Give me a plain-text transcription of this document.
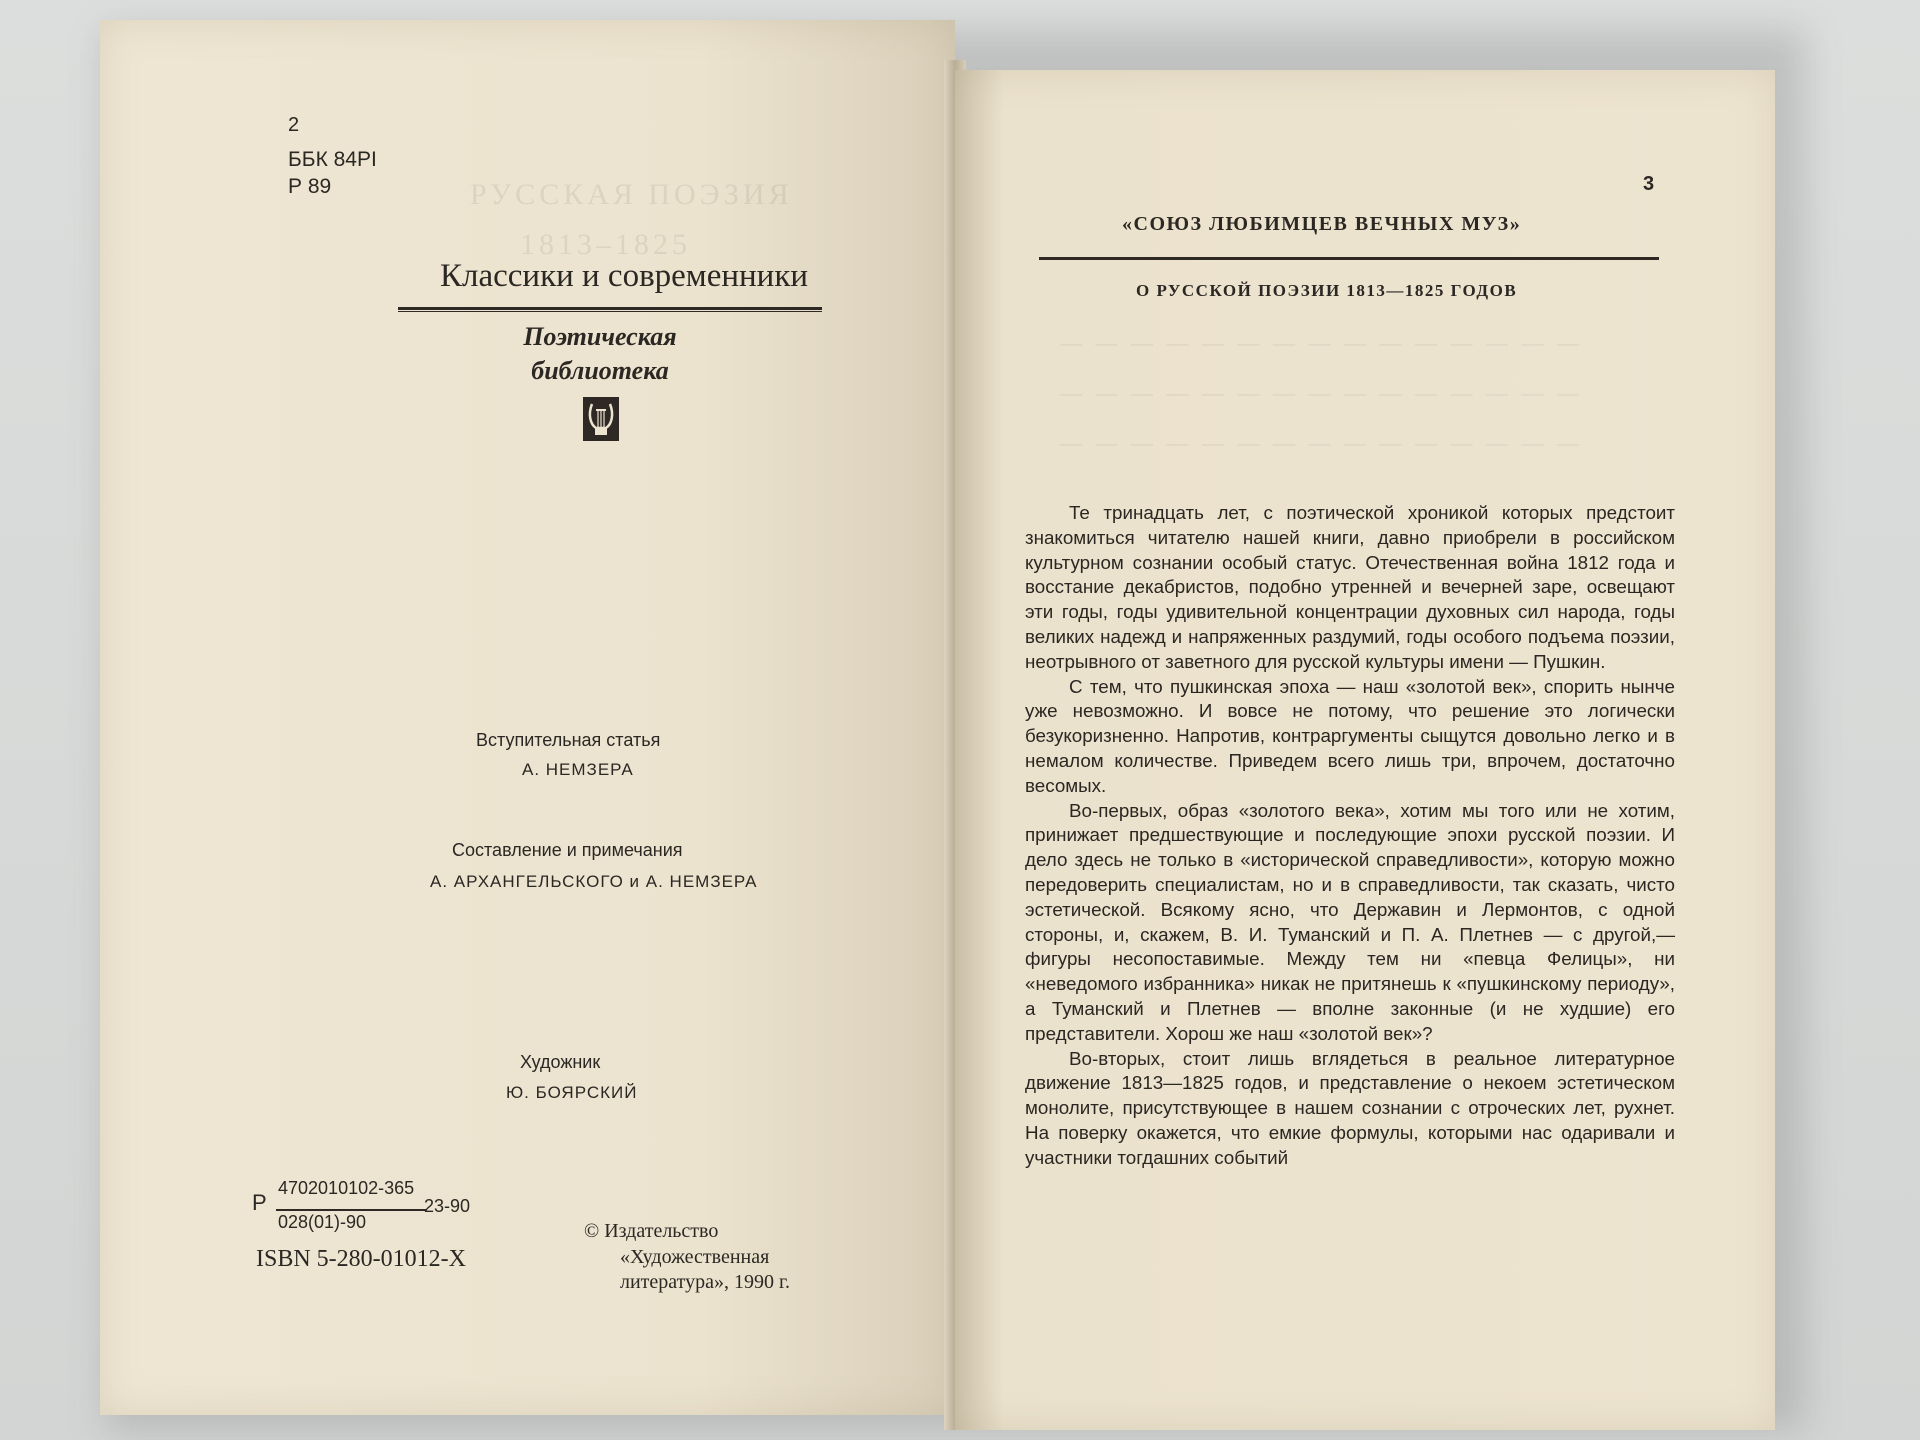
РУССКАЯ ПОЭЗИЯ
1813–1825
2
ББК 84РI
Р 89
Классики и современники
Поэтическая
библиотека
Вступительная статья
А. НЕМЗЕРА
Составление и примечания
А. АРХАНГЕЛЬСКОГО и А. НЕМЗЕРА
Художник
Ю. БОЯРСКИЙ
Р
4702010102-365
028(01)-90
23-90
ISBN 5-280-01012-X
© Издательство
«Художественная
литература», 1990 г.
— — — — — — — — — — — — — — —
— — — — — — — — — — — — — — —
— — — — — — — — — — — — — — —
3
«СОЮЗ ЛЮБИМЦЕВ ВЕЧНЫХ МУЗ»
О РУССКОЙ ПОЭЗИИ 1813—1825 ГОДОВ

Те тринадцать лет, с поэтической хроникой которых предстоит знакомиться читателю нашей книги, давно приобрели в российском культурном сознании особый статус. Отечественная война 1812 года и восстание декабристов, подобно утренней и вечерней заре, освещают эти годы, годы удивительной концентрации духовных сил народа, годы великих надежд и напряженных раздумий, годы особого подъема поэзии, неотрывного от заветного для русской культуры имени — Пушкин.

С тем, что пушкинская эпоха — наш «золотой век», спорить нынче уже невозможно. И вовсе не потому, что решение это логически безукоризненно. Напротив, контраргументы сыщутся довольно легко и в немалом количестве. Приведем всего лишь три, впрочем, достаточно весомых.

Во-первых, образ «золотого века», хотим мы того или не хотим, принижает предшествующие и последующие эпохи русской поэзии. И дело здесь не только в «исторической справедливости», которую можно передоверить специалистам, но и в справедливости, так сказать, чисто эстетической. Всякому ясно, что Державин и Лермонтов, с одной стороны, и, скажем, В. И. Туманский и П. А. Плетнев — с другой,— фигуры несопоставимые. Между тем ни «певца Фелицы», ни «неведомого избранника» никак не притянешь к «пушкинскому периоду», а Туманский и Плетнев — вполне законные (и не худшие) его представители. Хорош же наш «золотой век»?

Во-вторых, стоит лишь вглядеться в реальное литературное движение 1813—1825 годов, и представление о некоем эстетическом монолите, присутствующее в нашем сознании с отроческих лет, рухнет. На поверку окажется, что емкие формулы, которыми нас одаривали и участники тогдашних событий
